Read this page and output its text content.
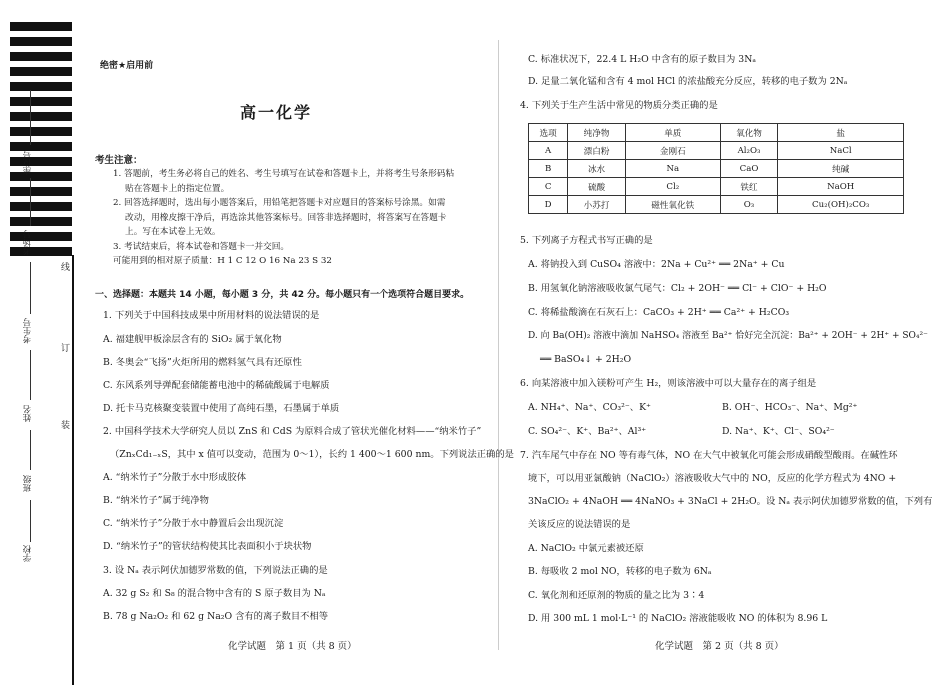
座位号
考场号
考生号
姓名
班级
学校
线
订
装
绝密★启用前
高一化学
考生注意：

1. 答题前，考生务必将自己的姓名、考生号填写在试卷和答题卡上，并将考生号条形码粘

贴在答题卡上的指定位置。

2. 回答选择题时，选出每小题答案后，用铅笔把答题卡对应题目的答案标号涂黑。如需

改动，用橡皮擦干净后，再选涂其他答案标号。回答非选择题时，将答案写在答题卡

上。写在本试卷上无效。

3. 考试结束后，将本试卷和答题卡一并交回。

可能用到的相对原子质量：H 1 C 12 O 16 Na 23 S 32

一、选择题：本题共 14 小题，每小题 3 分，共 42 分。每小题只有一个选项符合题目要求。
1. 下列关于中国科技成果中所用材料的说法错误的是
A. 福建舰甲板涂层含有的 SiO₂ 属于氧化物
B. 冬奥会“飞扬”火炬所用的燃料氢气具有还原性
C. 东风系列导弹配套储能蓄电池中的稀硫酸属于电解质
D. 托卡马克核聚变装置中使用了高纯石墨，石墨属于单质
2. 中国科学技术大学研究人员以 ZnS 和 CdS 为原料合成了管状光催化材料——“纳米竹子”
（ZnₓCd₁₋ₓS，其中 x 值可以变动，范围为 0～1），长约 1 400～1 600 nm。下列说法正确的是
A. “纳米竹子”分散于水中形成胶体
B. “纳米竹子”属于纯净物
C. “纳米竹子”分散于水中静置后会出现沉淀
D. “纳米竹子”的管状结构使其比表面积小于块状物
3. 设 Nₐ 表示阿伏加德罗常数的值，下列说法正确的是
A. 32 g S₂ 和 S₈ 的混合物中含有的 S 原子数目为 Nₐ
B. 78 g Na₂O₂ 和 62 g Na₂O 含有的离子数目不相等
化学试题　第 1 页（共 8 页）
C. 标准状况下，22.4 L H₂O 中含有的原子数目为 3Nₐ
D. 足量二氧化锰和含有 4 mol HCl 的浓盐酸充分反应，转移的电子数为 2Nₐ
4. 下列关于生产生活中常见的物质分类正确的是
选项	纯净物	单质	氧化物	盐
A	漂白粉	金刚石	Al₂O₃	NaCl
B	冰水	Na	CaO	纯碱
C	硫酸	Cl₂	铁红	NaOH
D	小苏打	磁性氧化铁	O₃	Cu₂(OH)₂CO₃
5. 下列离子方程式书写正确的是
A. 将钠投入到 CuSO₄ 溶液中：2Na + Cu²⁺ ══ 2Na⁺ + Cu
B. 用氢氧化钠溶液吸收氯气尾气：Cl₂ + 2OH⁻ ══ Cl⁻ + ClO⁻ + H₂O
C. 将稀盐酸滴在石灰石上：CaCO₃ + 2H⁺ ══ Ca²⁺ + H₂CO₃
D. 向 Ba(OH)₂ 溶液中滴加 NaHSO₄ 溶液至 Ba²⁺ 恰好完全沉淀：Ba²⁺ + 2OH⁻ + 2H⁺ + SO₄²⁻
══ BaSO₄↓ + 2H₂O
6. 向某溶液中加入镁粉可产生 H₂，则该溶液中可以大量存在的离子组是
A. NH₄⁺、Na⁺、CO₃²⁻、K⁺	B. OH⁻、HCO₃⁻、Na⁺、Mg²⁺
C. SO₄²⁻、K⁺、Ba²⁺、Al³⁺	D. Na⁺、K⁺、Cl⁻、SO₄²⁻
7. 汽车尾气中存在 NO 等有毒气体，NO 在大气中被氧化可能会形成硝酸型酸雨。在碱性环
境下，可以用亚氯酸钠（NaClO₂）溶液吸收大气中的 NO，反应的化学方程式为 4NO +
3NaClO₂ + 4NaOH ══ 4NaNO₃ + 3NaCl + 2H₂O。设 Nₐ 表示阿伏加德罗常数的值，下列有
关该反应的说法错误的是
A. NaClO₂ 中氯元素被还原
B. 每吸收 2 mol NO，转移的电子数为 6Nₐ
C. 氧化剂和还原剂的物质的量之比为 3∶4
D. 用 300 mL 1 mol·L⁻¹ 的 NaClO₂ 溶液能吸收 NO 的体积为 8.96 L
化学试题　第 2 页（共 8 页）
